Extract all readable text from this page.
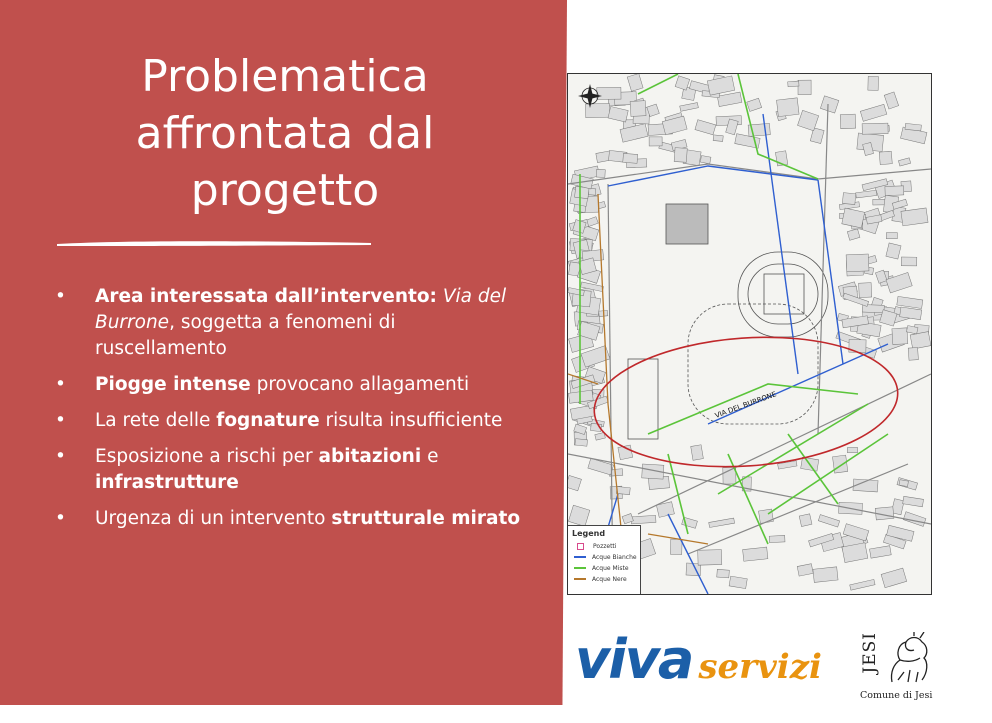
Problematica
affrontata dal
progetto
• Area interessata dall’intervento: Via del Burrone, soggetta a fenomeni di ruscellamento
• Piogge intense provocano allagamenti
• La rete delle fognature risulta insufficiente
• Esposizione a rischi per abitazioni e infrastrutture
• Urgenza di un intervento strutturale mirato
VIA DEL BURRONE
Legend
Pozzetti
Acque Bianche
Acque Miste
Acque Nere
viva servizi JESI
Comune di Jesi
